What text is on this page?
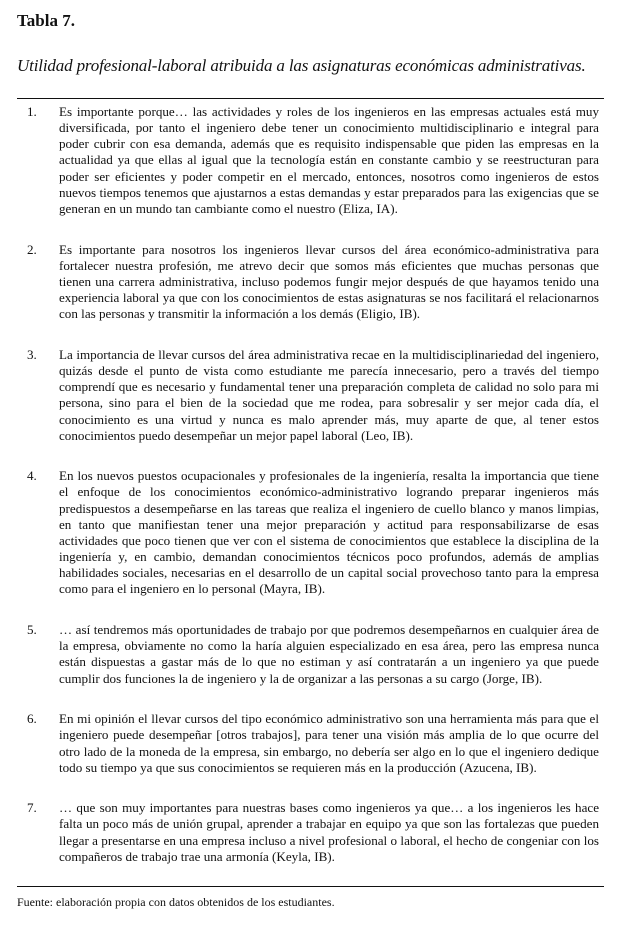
Tabla 7.

Utilidad profesional-laboral atribuida a las asignaturas económicas administrativas.

1. Es importante porque… las actividades y roles de los ingenieros en las empresas actuales está muy diversificada, por tanto el ingeniero debe tener un conocimiento multidisciplinario e integral para poder cubrir con esa demanda, además que es requisito indispensable que piden las empresas en la actualidad ya que ellas al igual que la tecnología están en constante cambio y se reestructuran para poder ser eficientes y poder competir en el mercado, entonces, nosotros como ingenieros de estos nuevos tiempos tenemos que ajustarnos a estas demandas y estar preparados para las exigencias que se generan en un mundo tan cambiante como el nuestro (Eliza, IA).
2. Es importante para nosotros los ingenieros llevar cursos del área económico-administrativa para fortalecer nuestra profesión, me atrevo decir que somos más eficientes que muchas personas que tienen una carrera administrativa, incluso podemos fungir mejor después de que hayamos tenido una experiencia laboral ya que con los conocimientos de estas asignaturas se nos facilitará el relacionarnos con las personas y transmitir la información a los demás (Eligio, IB).
3. La importancia de llevar cursos del área administrativa recae en la multidisciplinariedad del ingeniero, quizás desde el punto de vista como estudiante me parecía innecesario, pero a través del tiempo comprendí que es necesario y fundamental tener una preparación completa de calidad no solo para mi persona, sino para el bien de la sociedad que me rodea, para sobresalir y ser mejor cada día, el conocimiento es una virtud y nunca es malo aprender más, muy aparte de que, al tener estos conocimientos puedo desempeñar un mejor papel laboral (Leo, IB).
4. En los nuevos puestos ocupacionales y profesionales de la ingeniería, resalta la importancia que tiene el enfoque de los conocimientos económico-administrativo logrando preparar ingenieros más predispuestos a desempeñarse en las tareas que realiza el ingeniero de cuello blanco y manos limpias, en tanto que manifiestan tener una mejor preparación y actitud para responsabilizarse de esas actividades que poco tienen que ver con el sistema de conocimientos que establece la disciplina de la ingeniería y, en cambio, demandan conocimientos técnicos poco profundos, además de amplias habilidades sociales, necesarias en el desarrollo de un capital social provechoso tanto para la empresa como para el ingeniero en lo personal (Mayra, IB).
5. … así tendremos más oportunidades de trabajo por que podremos desempeñarnos en cualquier área de la empresa, obviamente no como la haría alguien especializado en esa área, pero las empresa nunca están dispuestas a gastar más de lo que no estiman y así contratarán a un ingeniero ya que puede cumplir dos funciones la de ingeniero y la de organizar a las personas a su cargo (Jorge, IB).
6. En mi opinión el llevar cursos del tipo económico administrativo son una herramienta más para que el ingeniero puede desempeñar [otros trabajos], para tener una visión más amplia de lo que ocurre del otro lado de la moneda de la empresa, sin embargo, no debería ser algo en lo que el ingeniero dedique todo su tiempo ya que sus conocimientos se requieren más en la producción (Azucena, IB).
7. … que son muy importantes para nuestras bases como ingenieros ya que… a los ingenieros les hace falta un poco más de unión grupal, aprender a trabajar en equipo ya que son las fortalezas que pueden llegar a presentarse en una empresa incluso a nivel profesional o laboral, el hecho de congeniar con los compañeros de trabajo trae una armonía (Keyla, IB).

Fuente: elaboración propia con datos obtenidos de los estudiantes.
